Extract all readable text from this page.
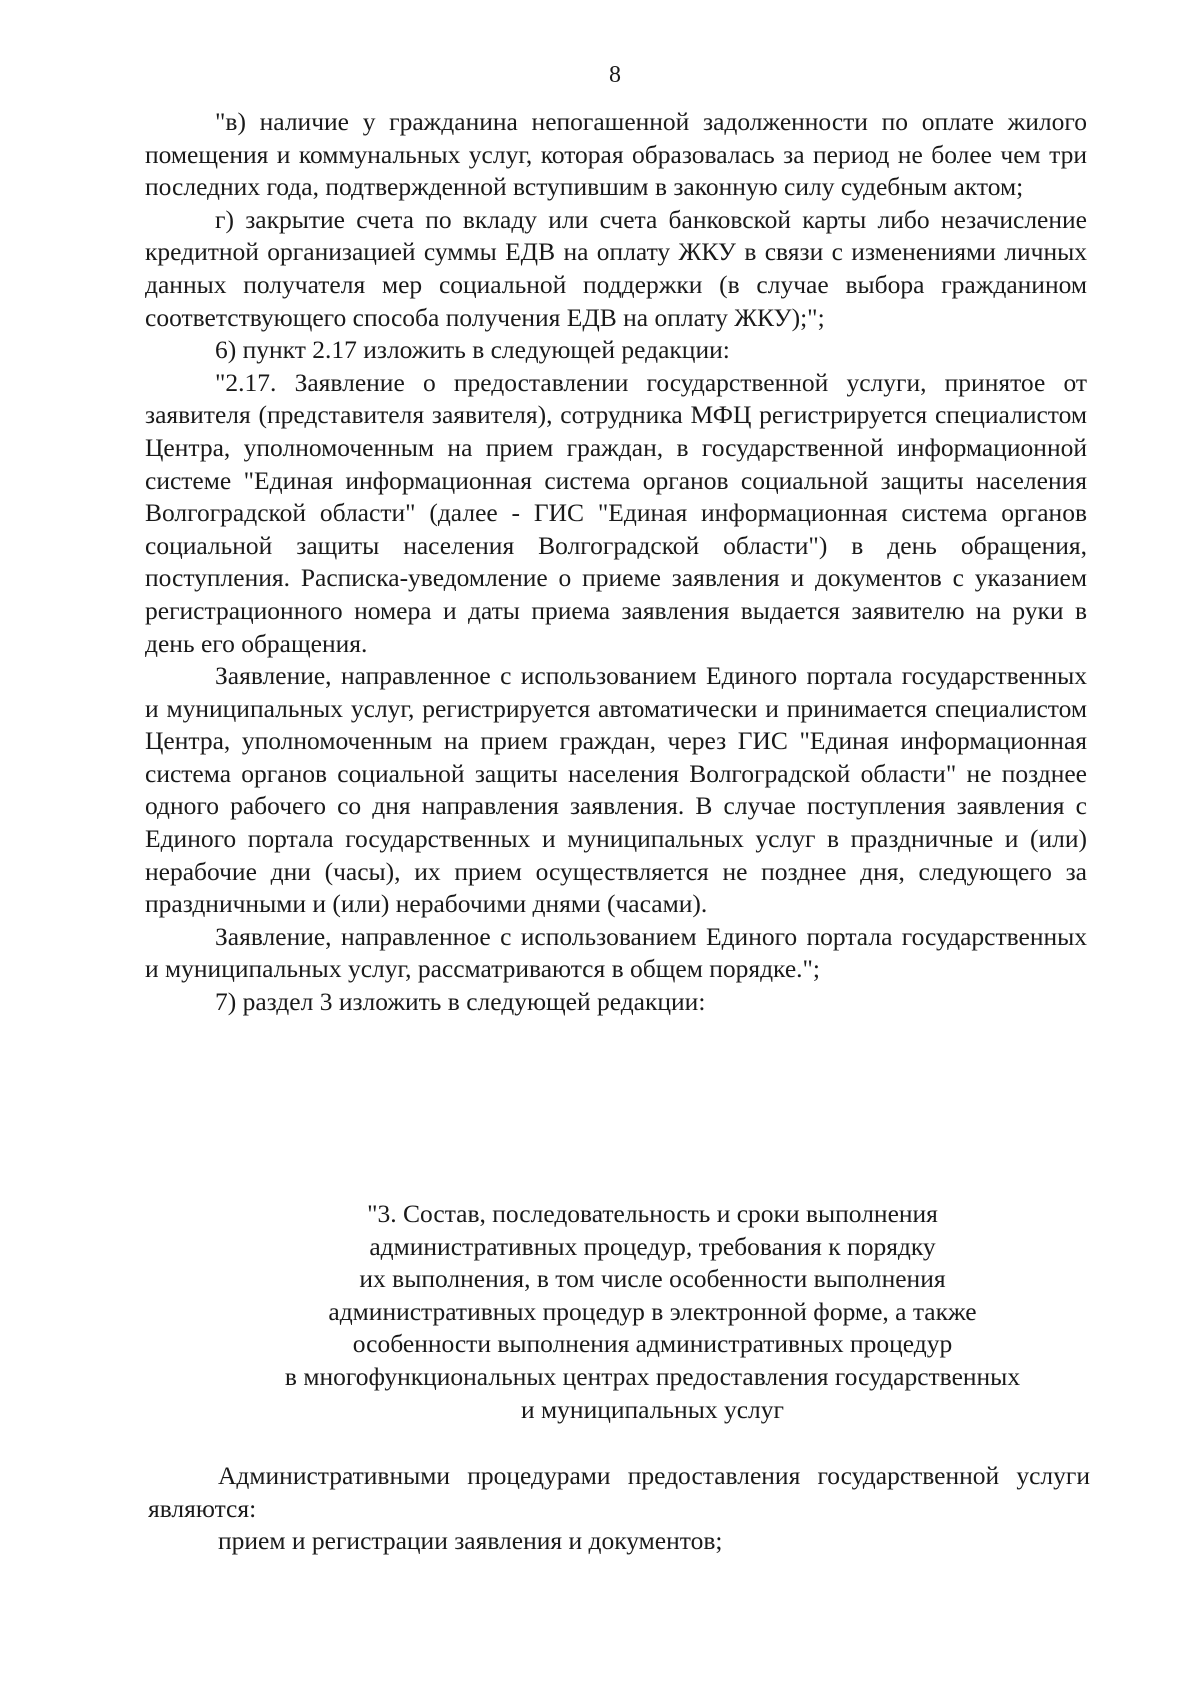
8

"в) наличие у гражданина непогашенной задолженности по оплате жилого помещения и коммунальных услуг, которая образовалась за период не более чем три последних года, подтвержденной вступившим в законную силу судебным актом;

г) закрытие счета по вкладу или счета банковской карты либо незачисление кредитной организацией суммы ЕДВ на оплату ЖКУ в связи с изменениями личных данных получателя мер социальной поддержки (в случае выбора гражданином соответствующего способа получения ЕДВ на оплату ЖКУ);";

6) пункт 2.17 изложить в следующей редакции:

"2.17. Заявление о предоставлении государственной услуги, принятое от заявителя (представителя заявителя), сотрудника МФЦ регистрируется специалистом Центра, уполномоченным на прием граждан, в государственной информационной системе "Единая информационная система органов социальной защиты населения Волгоградской области" (далее - ГИС "Единая информационная система органов социальной защиты населения Волгоградской области") в день обращения, поступления. Расписка-уведомление о приеме заявления и документов с указанием регистрационного номера и даты приема заявления выдается заявителю на руки в день его обращения.

Заявление, направленное с использованием Единого портала государственных и муниципальных услуг, регистрируется автоматически и принимается специалистом Центра, уполномоченным на прием граждан, через ГИС "Единая информационная система органов социальной защиты населения Волгоградской области" не позднее одного рабочего со дня направления заявления. В случае поступления заявления с Единого портала государственных и муниципальных услуг в праздничные и (или) нерабочие дни (часы), их прием осуществляется не позднее дня, следующего за праздничными и (или) нерабочими днями (часами).

Заявление, направленное с использованием Единого портала государственных и муниципальных услуг, рассматриваются в общем порядке.";

7) раздел 3 изложить в следующей редакции:

"3. Состав, последовательность и сроки выполнения
административных процедур, требования к порядку
их выполнения, в том числе особенности выполнения
административных процедур в электронной форме, а также
особенности выполнения административных процедур
в многофункциональных центрах предоставления государственных
и муниципальных услуг

Административными процедурами предоставления государственной услуги являются:

прием и регистрации заявления и документов;
